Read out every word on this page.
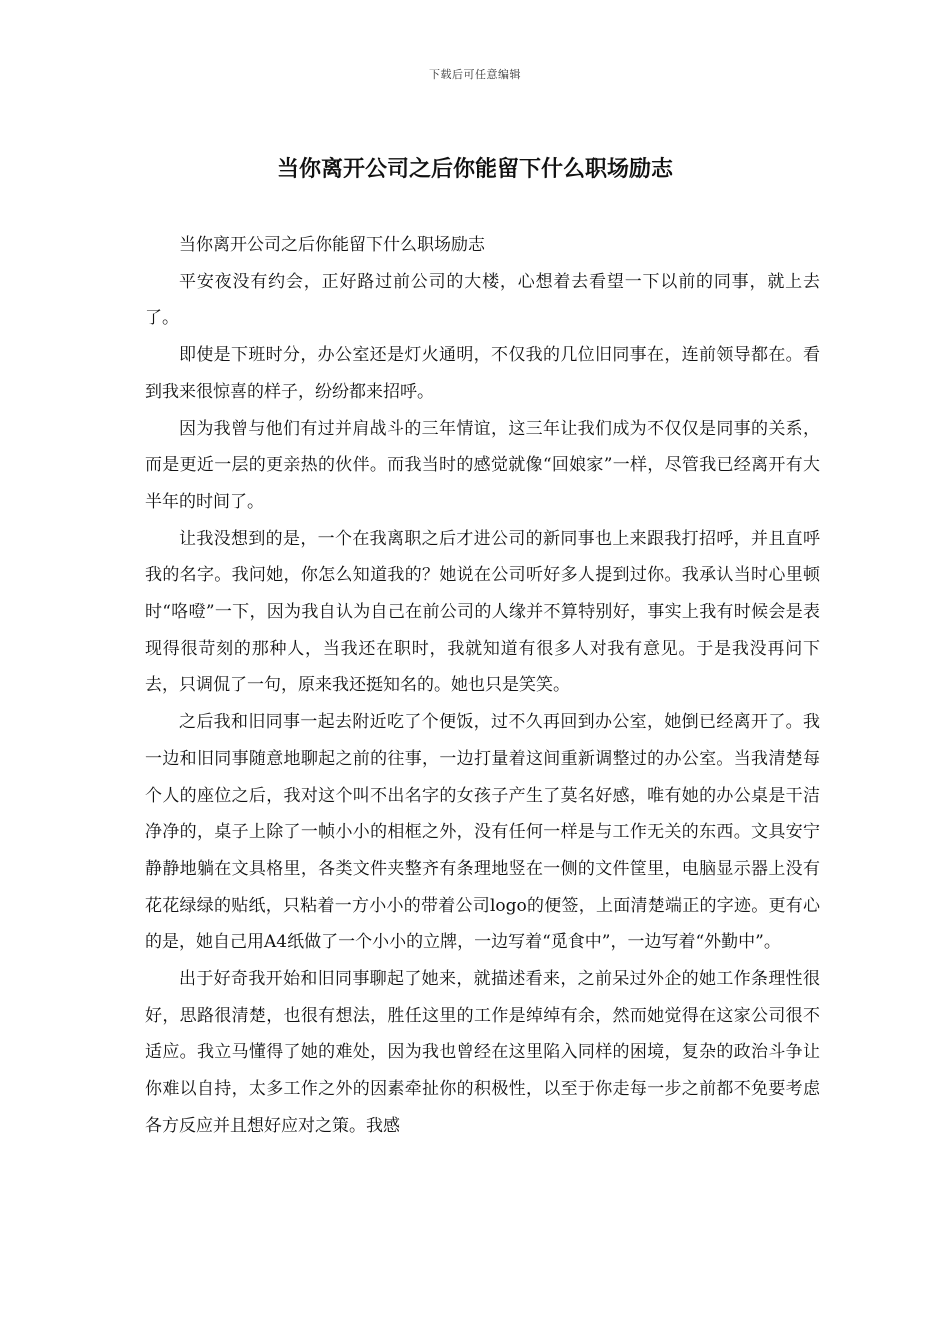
下载后可任意编辑
当你离开公司之后你能留下什么职场励志

当你离开公司之后你能留下什么职场励志

平安夜没有约会，正好路过前公司的大楼，心想着去看望一下以前的同事，就上去了。

即使是下班时分，办公室还是灯火通明，不仅我的几位旧同事在，连前领导都在。看到我来很惊喜的样子，纷纷都来招呼。

因为我曾与他们有过并肩战斗的三年情谊，这三年让我们成为不仅仅是同事的关系，而是更近一层的更亲热的伙伴。而我当时的感觉就像“回娘家”一样，尽管我已经离开有大半年的时间了。

让我没想到的是，一个在我离职之后才进公司的新同事也上来跟我打招呼，并且直呼我的名字。我问她，你怎么知道我的？她说在公司听好多人提到过你。我承认当时心里顿时“咯噔”一下，因为我自认为自己在前公司的人缘并不算特别好，事实上我有时候会是表现得很苛刻的那种人，当我还在职时，我就知道有很多人对我有意见。于是我没再问下去，只调侃了一句，原来我还挺知名的。她也只是笑笑。

之后我和旧同事一起去附近吃了个便饭，过不久再回到办公室，她倒已经离开了。我一边和旧同事随意地聊起之前的往事，一边打量着这间重新调整过的办公室。当我清楚每个人的座位之后，我对这个叫不出名字的女孩子产生了莫名好感，唯有她的办公桌是干洁净净的，桌子上除了一帧小小的相框之外，没有任何一样是与工作无关的东西。文具安宁静静地躺在文具格里，各类文件夹整齐有条理地竖在一侧的文件筐里，电脑显示器上没有花花绿绿的贴纸，只粘着一方小小的带着公司logo的便签，上面清楚端正的字迹。更有心的是，她自己用A4纸做了一个小小的立牌，一边写着“觅食中”，一边写着“外勤中”。

出于好奇我开始和旧同事聊起了她来，就描述看来，之前呆过外企的她工作条理性很好，思路很清楚，也很有想法，胜任这里的工作是绰绰有余，然而她觉得在这家公司很不适应。我立马懂得了她的难处，因为我也曾经在这里陷入同样的困境，复杂的政治斗争让你难以自持，太多工作之外的因素牵扯你的积极性，以至于你走每一步之前都不免要考虑各方反应并且想好应对之策。我感
